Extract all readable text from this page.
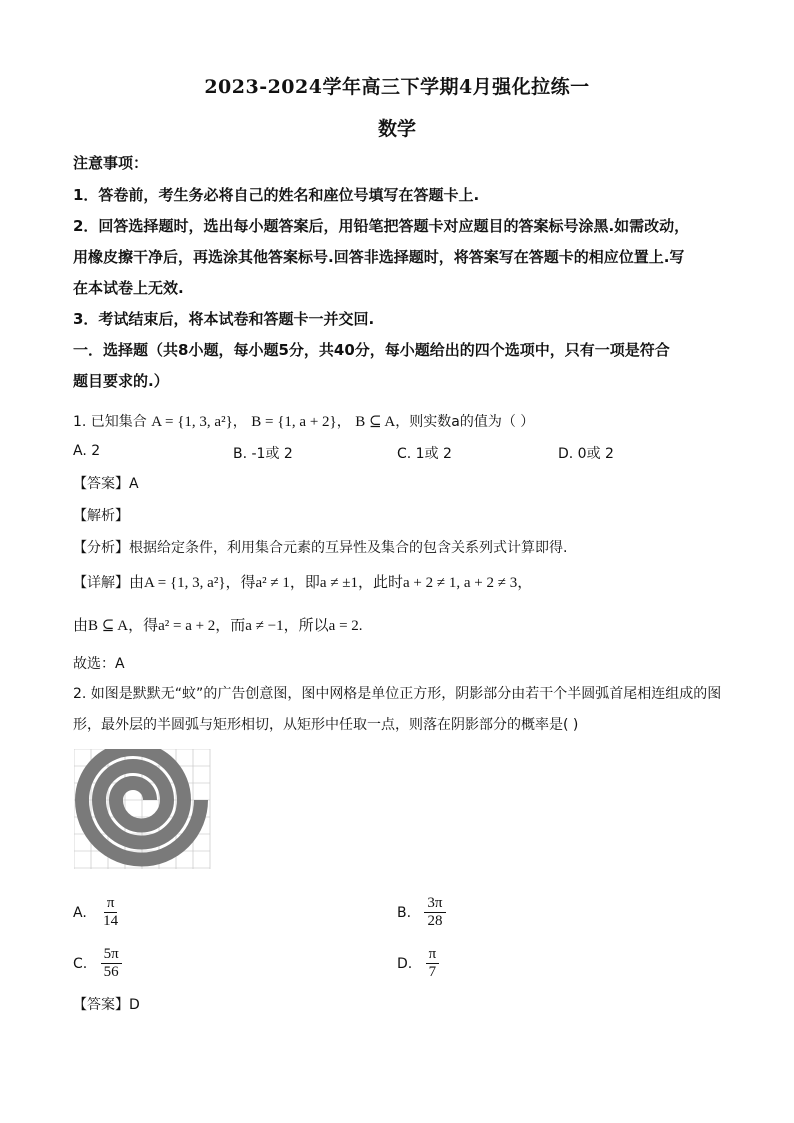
2023-2024学年高三下学期4月强化拉练一
数学
注意事项：
1．答卷前，考生务必将自己的姓名和座位号填写在答题卡上.
2．回答选择题时，选出每小题答案后，用铅笔把答题卡对应题目的答案标号涂黑.如需改动，
用橡皮擦干净后，再选涂其他答案标号.回答非选择题时，将答案写在答题卡的相应位置上.写
在本试卷上无效.
3．考试结束后，将本试卷和答题卡一并交回.
一．选择题（共8小题，每小题5分，共40分，每小题给出的四个选项中，只有一项是符合
题目要求的.）
1. 已知集合 A = {1, 3, a²}， B = {1, a + 2}， B ⊆ A，则实数a的值为（ ）
A. 2	B. -1或 2	C. 1或 2	D. 0或 2
【答案】A
【解析】
【分析】根据给定条件，利用集合元素的互异性及集合的包含关系列式计算即得.
【详解】由A = {1, 3, a²}，得a² ≠ 1，即a ≠ ±1，此时a + 2 ≠ 1, a + 2 ≠ 3，
由B ⊆ A，得a² = a + 2，而a ≠ −1，所以a = 2.
故选：A
2. 如图是默默无“蚊”的广告创意图，图中网格是单位正方形，阴影部分由若干个半圆弧首尾相连组成的图
形，最外层的半圆弧与矩形相切，从矩形中任取一点，则落在阴影部分的概率是( )
A. $\frac{\pi}{14}$	B. $\frac{3\pi}{28}$
C. $\frac{5\pi}{56}$	D. $\frac{\pi}{7}$
【答案】D
